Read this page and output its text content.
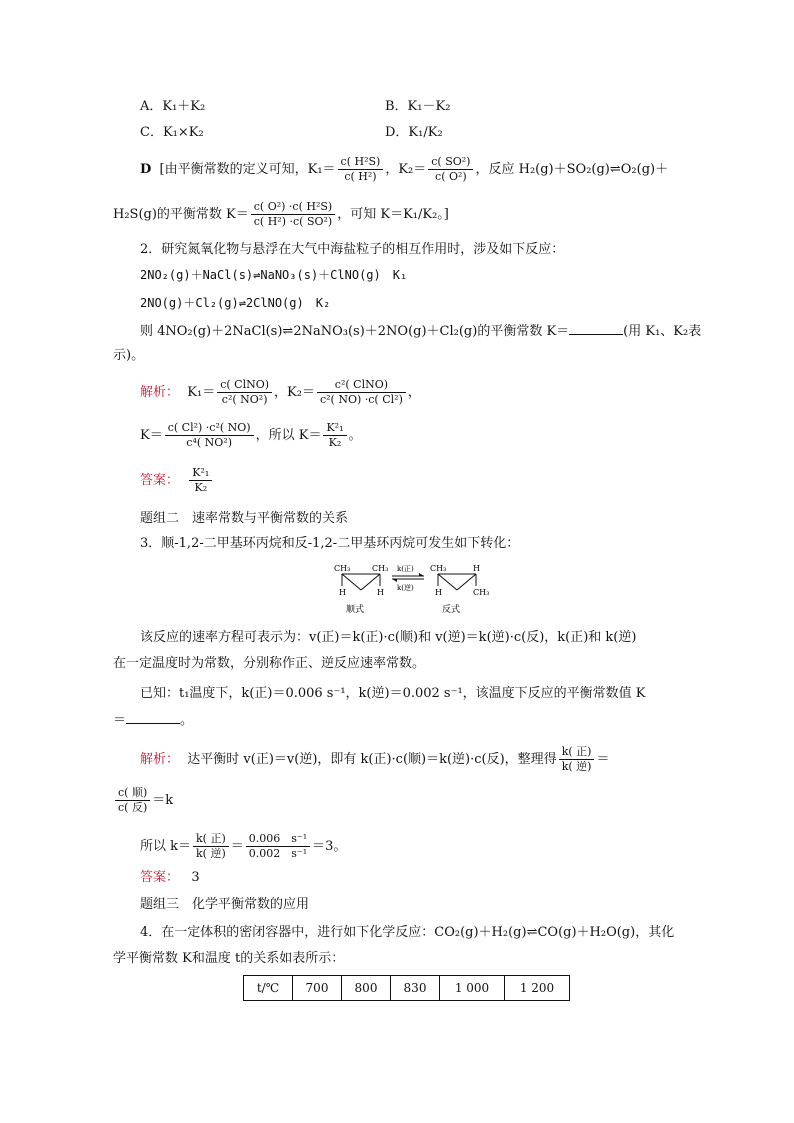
A．K₁＋K₂	B．K₁－K₂
C．K₁×K₂	D．K₁/K₂
D [由平衡常数的定义可知，$K_1= \frac{\text{c( H²S)}}{\text{c( H²)}}$ ，$K_2= \frac{\text{c( SO²)}}{\text{c( O²)}}$ ，反应 H₂(g)＋SO₂(g)⇌O₂(g)＋
H₂S(g)的平衡常数 $K= \frac{\text{c( O²) ·c( H²S)}}{\text{c( H²) ·c( SO²)}}$ ，可知 K＝K₁/K₂。]
2．研究氮氧化物与悬浮在大气中海盐粒子的相互作用时，涉及如下反应：
2NO₂(g)＋NaCl(s)⇌NaNO₃(s)＋ClNO(g)　K₁
2NO(g)＋Cl₂(g)⇌2ClNO(g)　K₂
则 4NO₂(g)＋2NaCl(s)⇌2NaNO₃(s)＋2NO(g)＋Cl₂(g)的平衡常数 K＝	(用 K₁、K₂表
示)。
解析： $K_1= \frac{\text{c( ClNO)}}{\text{c²( NO²)}}$ ，$K_2= \frac{\text{c²( ClNO)}}{\text{c²( NO) ·c( Cl²)}}$ ，
$K= \frac{\text{c( Cl²) ·c²( NO)}}{\text{c⁴( NO²)}}$ ，所以 $K= \frac{\text{K²₁}}{\text{K₂}}$ 。
答案： $\frac{\text{K²₁}}{\text{K₂}}$
题组二　速率常数与平衡常数的关系
3．顺-1,2-二甲基环丙烷和反-1,2-二甲基环丙烷可发生如下转化：
CH₃	CH₃
H	H
顺式
k(正)
k(逆)
CH₃	H
H	CH₃
反式
该反应的速率方程可表示为：v(正)＝k(正)·c(顺)和 v(逆)＝k(逆)·c(反)，k(正)和 k(逆)
在一定温度时为常数，分别称作正、逆反应速率常数。
已知：t₁温度下，k(正)＝0.006 s⁻¹，k(逆)＝0.002 s⁻¹，该温度下反应的平衡常数值 K
＝	。
解析： 达平衡时 v(正)＝v(逆)，即有 k(正)·c(顺)＝k(逆)·c(反)，整理得 $\frac{\text{k( 正)}}{\text{k( 逆)}}$ ＝
$\frac{\text{c( 顺)}}{\text{c( 反)}} =k$
所以 $k= \frac{\text{k( 正)}}{\text{k( 逆)}} = \frac{\text{0.006　s⁻¹}}{\text{0.002　s⁻¹}} =3$。
答案： 3
题组三　化学平衡常数的应用
4．在一定体积的密闭容器中，进行如下化学反应：CO₂(g)＋H₂(g)⇌CO(g)＋H₂O(g)，其化
学平衡常数 K和温度 t的关系如表所示：
t/℃	700	800	830	1 000	1 200
